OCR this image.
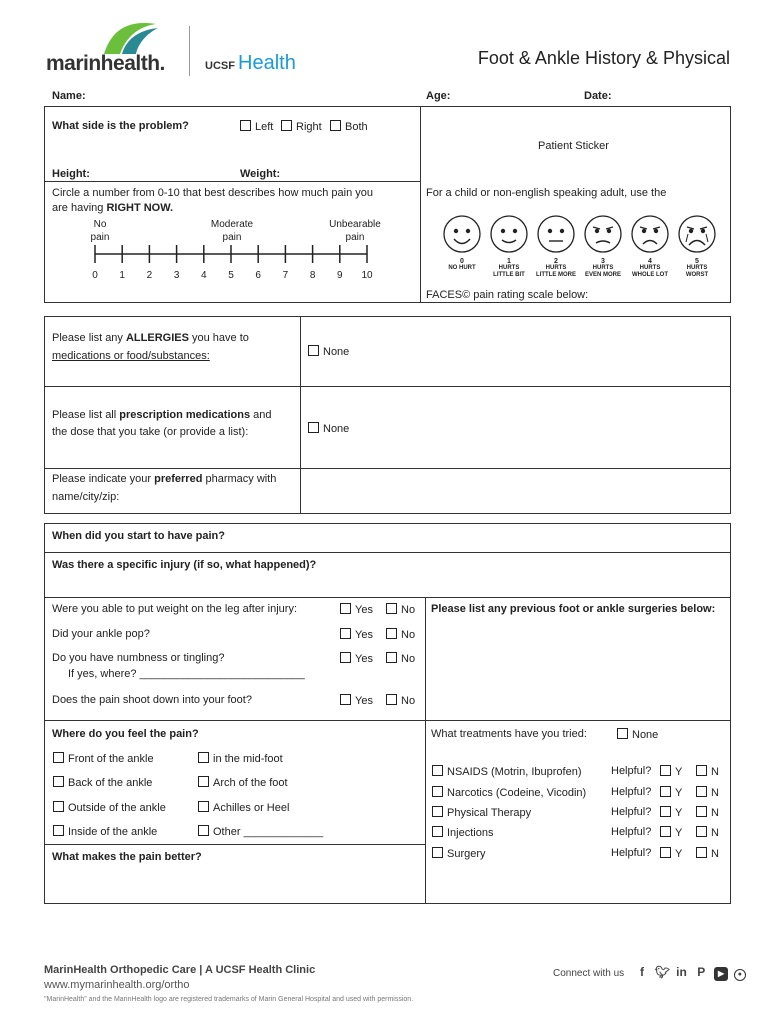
marinhealth.	UCSF Health	Foot & Ankle History & Physical
Name:	Age:	Date:
What side is the problem?	Left	Right	Both
Patient Sticker
Height:	Weight:
Circle a number from 0-10 that best describes how much pain you
are having RIGHT NOW.
No
pain
Moderate
pain
Unbearable
pain
0 1 2 3 4 5 6 7 8 9 10
For a child or non-english speaking adult, use the
0
NO HURT
1
HURTS
LITTLE BIT
2
HURTS
LITTLE MORE
3
HURTS
EVEN MORE
4
HURTS
WHOLE LOT
5
HURTS
WORST
FACES© pain rating scale below:
Please list any ALLERGIES you have to
medications or food/substances:	None
Please list all prescription medications and
the dose that you take (or provide a list):	None
Please indicate your preferred pharmacy with
name/city/zip:
When did you start to have pain?
Was there a specific injury (if so, what happened)?
Were you able to put weight on the leg after injury:	Yes	No
Did your ankle pop?	Yes	No
Do you have numbness or tingling?
If yes, where? ___________________________
Yes	No
Does the pain shoot down into your foot?	Yes	No
Please list any previous foot or ankle surgeries below:
Where do you feel the pain?
Front of the ankle
Back of the ankle
Outside of the ankle
Inside of the ankle
in the mid-foot
Arch of the foot
Achilles or Heel
Other _____________
What makes the pain better?
What treatments have you tried:	None
NSAIDS (Motrin, Ibuprofen)	Helpful?	Y	N
Narcotics (Codeine, Vicodin) Helpful?	Y	N
Physical Therapy	Helpful?	Y	N
Injections	Helpful?	Y	N
Surgery	Helpful?	Y	N
MarinHealth Orthopedic Care | A UCSF Health Clinic
www.mymarinhealth.org/ortho
"MarinHealth" and the MarinHealth logo are registered trademarks of Marin General Hospital and used with permission.
Connect with us f 🐦︎ in P ▶ ●
